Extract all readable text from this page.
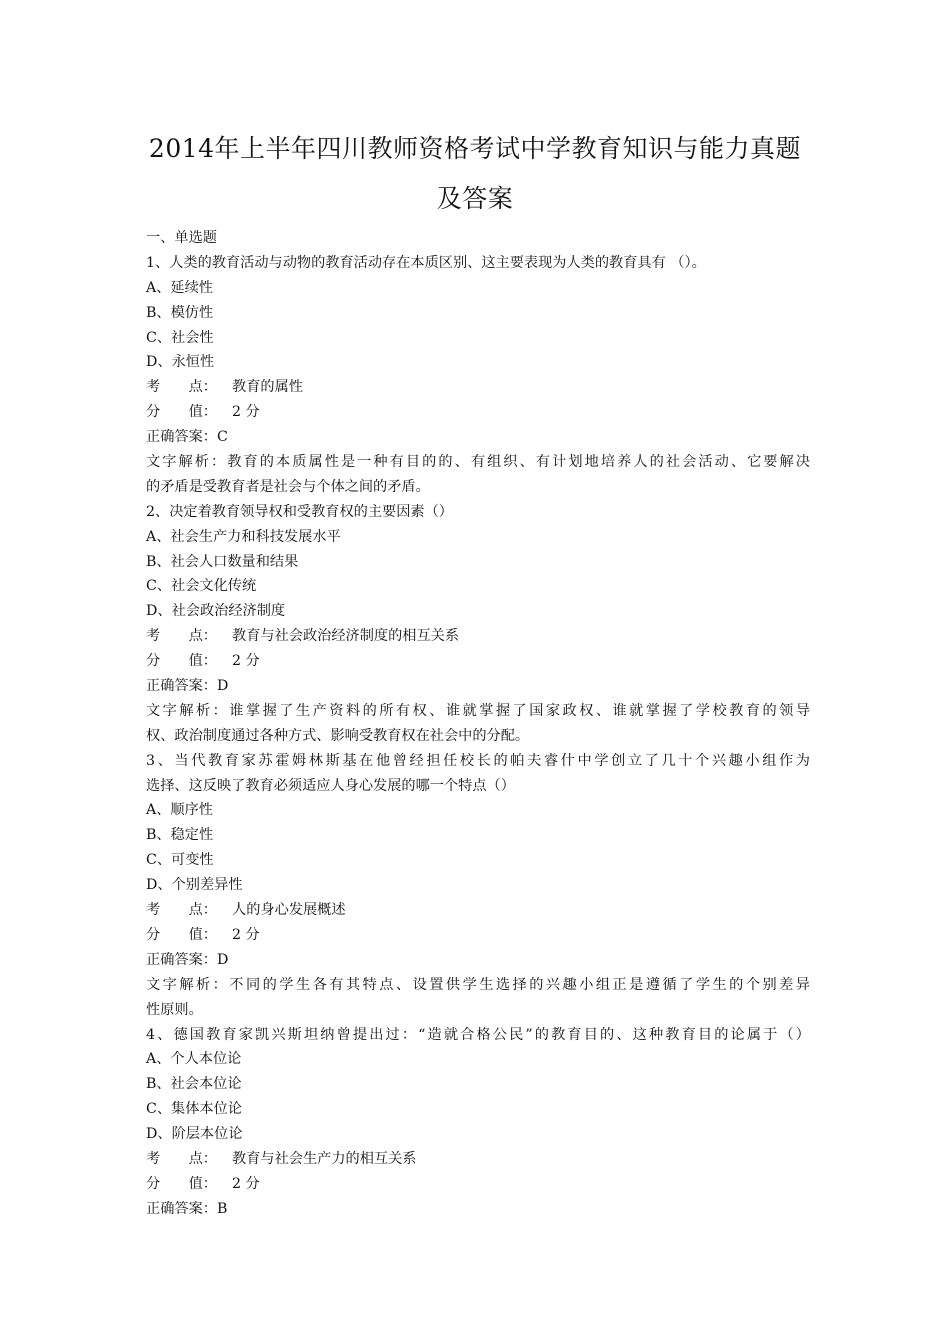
2014年上半年四川教师资格考试中学教育知识与能力真题
及答案
一、单选题
1、人类的教育活动与动物的教育活动存在本质区别、这主要表现为人类的教育具有 （）。
A、延续性
B、模仿性
C、社会性
D、永恒性
考　　点： 教育的属性
分　　值： 2 分
正确答案：C
文字解析：教育的本质属性是一种有目的的、有组织、有计划地培养人的社会活动、它要解决
的矛盾是受教育者是社会与个体之间的矛盾。
2、决定着教育领导权和受教育权的主要因素（）
A、社会生产力和科技发展水平
B、社会人口数量和结果
C、社会文化传统
D、社会政治经济制度
考　　点： 教育与社会政治经济制度的相互关系
分　　值： 2 分
正确答案：D
文字解析：谁掌握了生产资料的所有权、谁就掌握了国家政权、谁就掌握了学校教育的领导
权、政治制度通过各种方式、影响受教育权在社会中的分配。
3、当代教育家苏霍姆林斯基在他曾经担任校长的帕夫睿什中学创立了几十个兴趣小组作为
选择、这反映了教育必须适应人身心发展的哪一个特点（）
A、顺序性
B、稳定性
C、可变性
D、个别差异性
考　　点： 人的身心发展概述
分　　值： 2 分
正确答案：D
文字解析：不同的学生各有其特点、设置供学生选择的兴趣小组正是遵循了学生的个别差异
性原则。
4、德国教育家凯兴斯坦纳曾提出过：“造就合格公民”的教育目的、这种教育目的论属于（）
A、个人本位论
B、社会本位论
C、集体本位论
D、阶层本位论
考　　点： 教育与社会生产力的相互关系
分　　值： 2 分
正确答案：B
